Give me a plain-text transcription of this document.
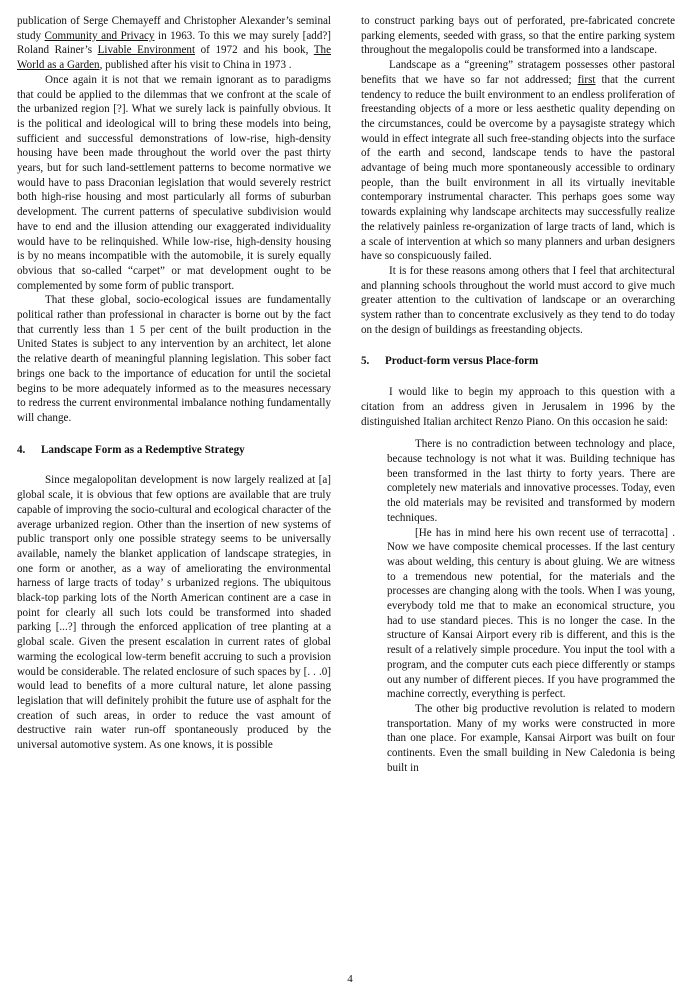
publication of Serge Chemayeff and Christopher Alexander’s seminal study Community and Privacy in 1963. To this we may surely [add?] Roland Rainer’s Livable Environment of 1972 and his book, The World as a Garden, published after his visit to China in 1973 .

Once again it is not that we remain ignorant as to paradigms that could be applied to the dilemmas that we confront at the scale of the urbanized region [?]. What we surely lack is painfully obvious. It is the political and ideological will to bring these models into being, sufficient and successful demonstrations of low-rise, high-density housing have been made throughout the world over the past thirty years, but for such land-settlement patterns to become normative we would have to pass Draconian legislation that would severely restrict both high-rise housing and most particularly all forms of suburban development. The current patterns of speculative subdivision would have to end and the illusion attending our exaggerated individuality would have to be relinquished. While low-rise, high-density housing is by no means incompatible with the automobile, it is surely equally obvious that so-called “carpet” or mat development ought to be complemented by some form of public transport.

That these global, socio-ecological issues are fundamentally political rather than professional in character is borne out by the fact that currently less than 1 5 per cent of the built production in the United States is subject to any intervention by an architect, let alone the relative dearth of meaningful planning legislation. This sober fact brings one back to the importance of education for until the societal begins to be more adequately informed as to the measures necessary to redress the current environmental imbalance nothing fundamentally will change.

4. Landscape Form as a Redemptive Strategy

Since megalopolitan development is now largely realized at [a] global scale, it is obvious that few options are available that are truly capable of improving the socio-cultural and ecological character of the average urbanized region. Other than the insertion of new systems of public transport only one possible strategy seems to be universally available, namely the blanket application of landscape strategies, in one form or another, as a way of ameliorating the environmental harness of large tracts of today’ s urbanized regions. The ubiquitous black-top parking lots of the North American continent are a case in point for clearly all such lots could be transformed into shaded parking [...?] through the enforced application of tree planting at a global scale. Given the present escalation in current rates of global warming the ecological low-term benefit accruing to such a provision would be considerable. The related enclosure of such spaces by [. . .0] would lead to benefits of a more cultural nature, let alone passing legislation that will definitely prohibit the future use of asphalt for the creation of such areas, in order to reduce the vast amount of destructive rain water run-off spontaneously produced by the universal automotive system. As one knows, it is possible

to construct parking bays out of perforated, pre-fabricated concrete parking elements, seeded with grass, so that the entire parking system throughout the megalopolis could be transformed into a landscape.

Landscape as a “greening” stratagem possesses other pastoral benefits that we have so far not addressed; first that the current tendency to reduce the built environment to an endless proliferation of freestanding objects of a more or less aesthetic quality depending on the circumstances, could be overcome by a paysagiste strategy which would in effect integrate all such free-standing objects into the surface of the earth and second, landscape tends to have the pastoral advantage of being much more spontaneously accessible to ordinary people, than the built environment in all its virtually inevitable contemporary instrumental character. This perhaps goes some way towards explaining why landscape architects may successfully realize the relatively painless re-organization of large tracts of land, which is a scale of intervention at which so many planners and urban designers have so conspicuously failed.

It is for these reasons among others that I feel that architectural and planning schools throughout the world must accord to give much greater attention to the cultivation of landscape or an overarching system rather than to concentrate exclusively as they tend to do today on the design of buildings as freestanding objects.

5. Product-form versus Place-form

I would like to begin my approach to this question with a citation from an address given in Jerusalem in 1996 by the distinguished Italian architect Renzo Piano. On this occasion he said:

There is no contradiction between technology and place, because technology is not what it was. Building technique has been transformed in the last thirty to forty years. There are completely new materials and innovative processes. Today, even the old materials may be revisited and transformed by modern techniques.

[He has in mind here his own recent use of terracotta] . Now we have composite chemical processes. If the last century was about welding, this century is about gluing. We are witness to a tremendous new potential, for the materials and the processes are changing along with the tools. When I was young, everybody told me that to make an economical structure, you had to use standard pieces. This is no longer the case. In the structure of Kansai Airport every rib is different, and this is the result of a relatively simple procedure. You input the tool with a program, and the computer cuts each piece differently or stamps out any number of different pieces. If you have programmed the machine correctly, everything is perfect.

The other big productive revolution is related to modern transportation. Many of my works were constructed in more than one place. For example, Kansai Airport was built on four continents. Even the small building in New Caledonia is being built in

4
